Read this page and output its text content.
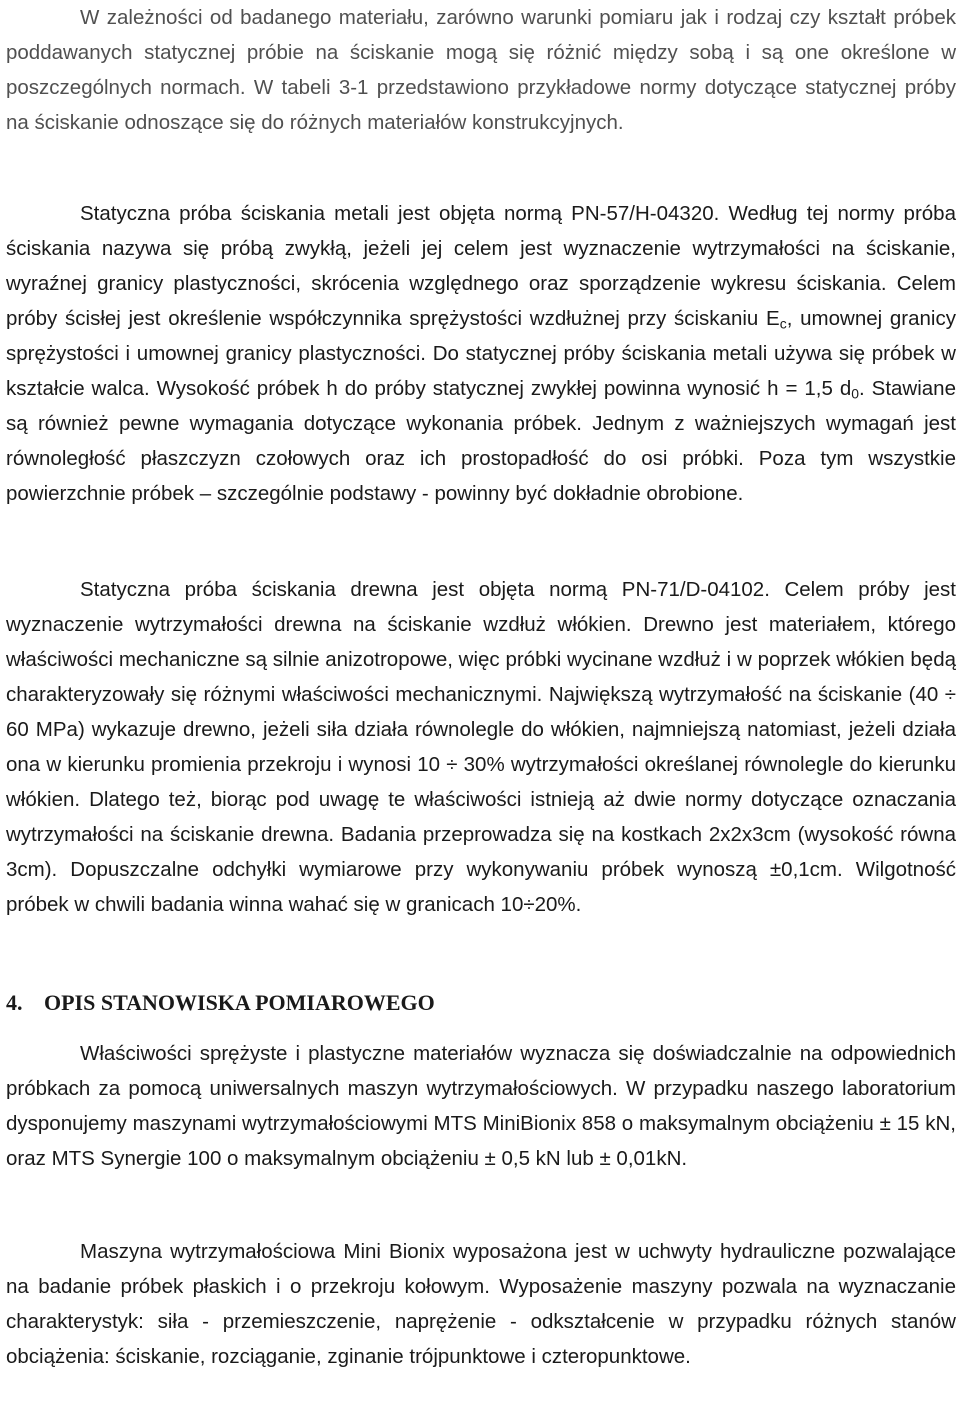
W zależności od badanego materiału, zarówno warunki pomiaru jak i rodzaj czy kształt próbek poddawanych statycznej próbie na ściskanie mogą się różnić między sobą i są one określone w poszczególnych normach. W tabeli 3-1 przedstawiono przykładowe normy dotyczące statycznej próby na ściskanie odnoszące się do różnych materiałów konstrukcyjnych.

Statyczna próba ściskania metali jest objęta normą PN-57/H-04320. Według tej normy próba ściskania nazywa się próbą zwykłą, jeżeli jej celem jest wyznaczenie wytrzymałości na ściskanie, wyraźnej granicy plastyczności, skrócenia względnego oraz sporządzenie wykresu ściskania. Celem próby ścisłej jest określenie współczynnika sprężystości wzdłużnej przy ściskaniu $E_c$, umownej granicy sprężystości i umownej granicy plastyczności. Do statycznej próby ściskania metali używa się próbek w kształcie walca. Wysokość próbek h do próby statycznej zwykłej powinna wynosić h = 1,5 $d_0$. Stawiane są również pewne wymagania dotyczące wykonania próbek. Jednym z ważniejszych wymagań jest równoległość płaszczyzn czołowych oraz ich prostopadłość do osi próbki. Poza tym wszystkie powierzchnie próbek – szczególnie podstawy - powinny być dokładnie obrobione.

Statyczna próba ściskania drewna jest objęta normą PN-71/D-04102. Celem próby jest wyznaczenie wytrzymałości drewna na ściskanie wzdłuż włókien. Drewno jest materiałem, którego właściwości mechaniczne są silnie anizotropowe, więc próbki wycinane wzdłuż i w poprzek włókien będą charakteryzowały się różnymi właściwości mechanicznymi. Największą wytrzymałość na ściskanie (40 ÷ 60 MPa) wykazuje drewno, jeżeli siła działa równolegle do włókien, najmniejszą natomiast, jeżeli działa ona w kierunku promienia przekroju i wynosi 10 ÷ 30% wytrzymałości określanej równolegle do kierunku włókien. Dlatego też, biorąc pod uwagę te właściwości istnieją aż dwie normy dotyczące oznaczania wytrzymałości na ściskanie drewna. Badania przeprowadza się na kostkach 2x2x3cm (wysokość równa 3cm). Dopuszczalne odchyłki wymiarowe przy wykonywaniu próbek wynoszą ±0,1cm. Wilgotność próbek w chwili badania winna wahać się w granicach 10÷20%.

4. OPIS STANOWISKA POMIAROWEGO

Właściwości sprężyste i plastyczne materiałów wyznacza się doświadczalnie na odpowiednich próbkach za pomocą uniwersalnych maszyn wytrzymałościowych. W przypadku naszego laboratorium dysponujemy maszynami wytrzymałościowymi MTS MiniBionix 858 o maksymalnym obciążeniu ± 15 kN, oraz MTS Synergie 100 o maksymalnym obciążeniu ± 0,5 kN lub ± 0,01kN.

Maszyna wytrzymałościowa Mini Bionix wyposażona jest w uchwyty hydrauliczne pozwalające na badanie próbek płaskich i o przekroju kołowym. Wyposażenie maszyny pozwala na wyznaczanie charakterystyk: siła - przemieszczenie, naprężenie - odkształcenie w przypadku różnych stanów obciążenia: ściskanie, rozciąganie, zginanie trójpunktowe i czteropunktowe.
